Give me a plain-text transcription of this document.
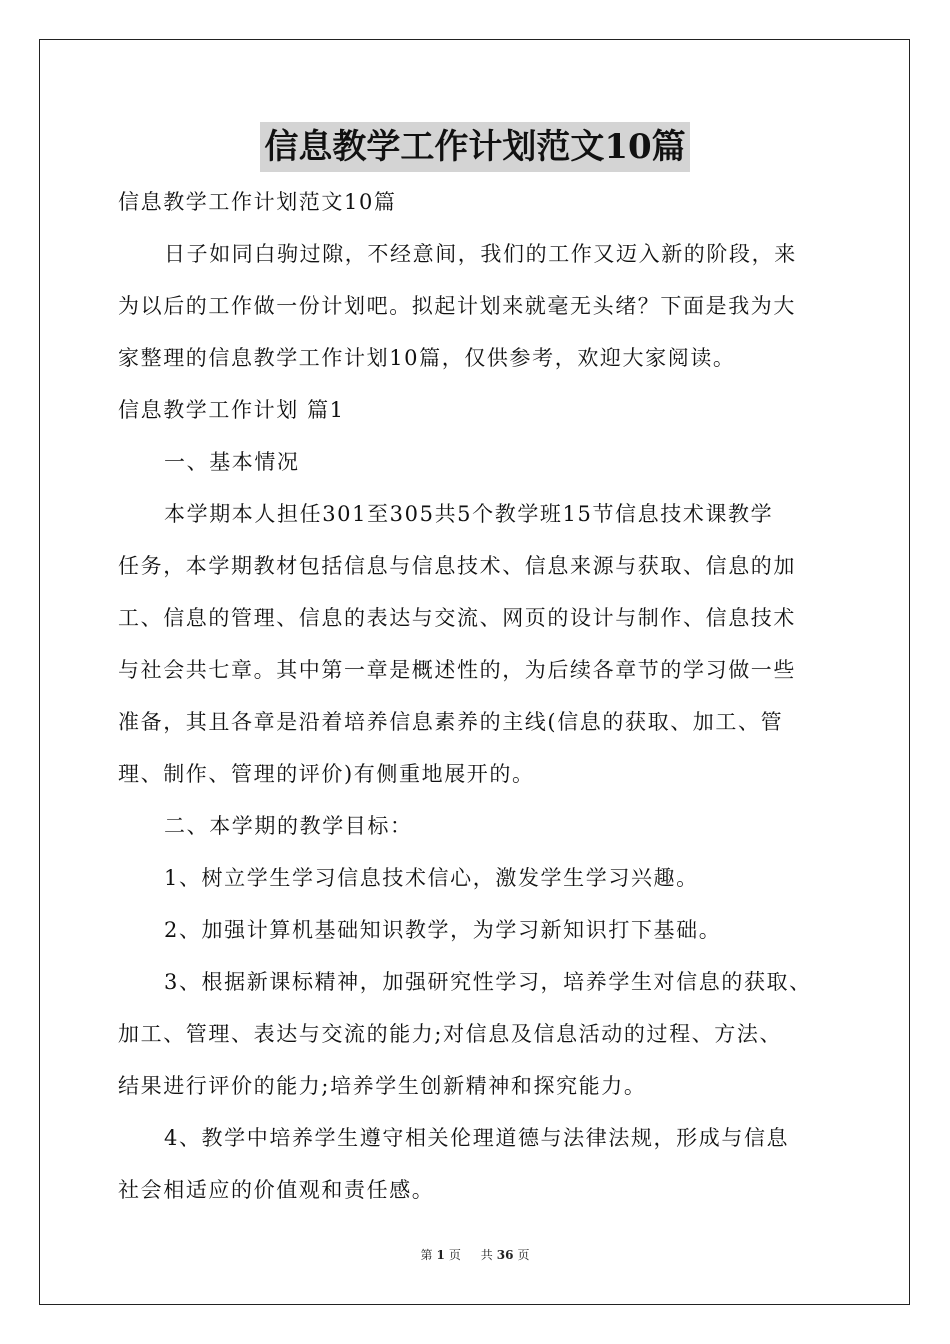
信息教学工作计划范文10篇
信息教学工作计划范文10篇
日子如同白驹过隙，不经意间，我们的工作又迈入新的阶段，来
为以后的工作做一份计划吧。拟起计划来就毫无头绪？下面是我为大
家整理的信息教学工作计划10篇，仅供参考，欢迎大家阅读。
信息教学工作计划 篇1
一、基本情况
本学期本人担任301至305共5个教学班15节信息技术课教学
任务，本学期教材包括信息与信息技术、信息来源与获取、信息的加
工、信息的管理、信息的表达与交流、网页的设计与制作、信息技术
与社会共七章。其中第一章是概述性的，为后续各章节的学习做一些
准备，其且各章是沿着培养信息素养的主线(信息的获取、加工、管
理、制作、管理的评价)有侧重地展开的。
二、本学期的教学目标：
1、树立学生学习信息技术信心，激发学生学习兴趣。
2、加强计算机基础知识教学，为学习新知识打下基础。
3、根据新课标精神，加强研究性学习，培养学生对信息的获取、
加工、管理、表达与交流的能力;对信息及信息活动的过程、方法、
结果进行评价的能力;培养学生创新精神和探究能力。
4、教学中培养学生遵守相关伦理道德与法律法规，形成与信息
社会相适应的价值观和责任感。
第 1 页 共 36 页
